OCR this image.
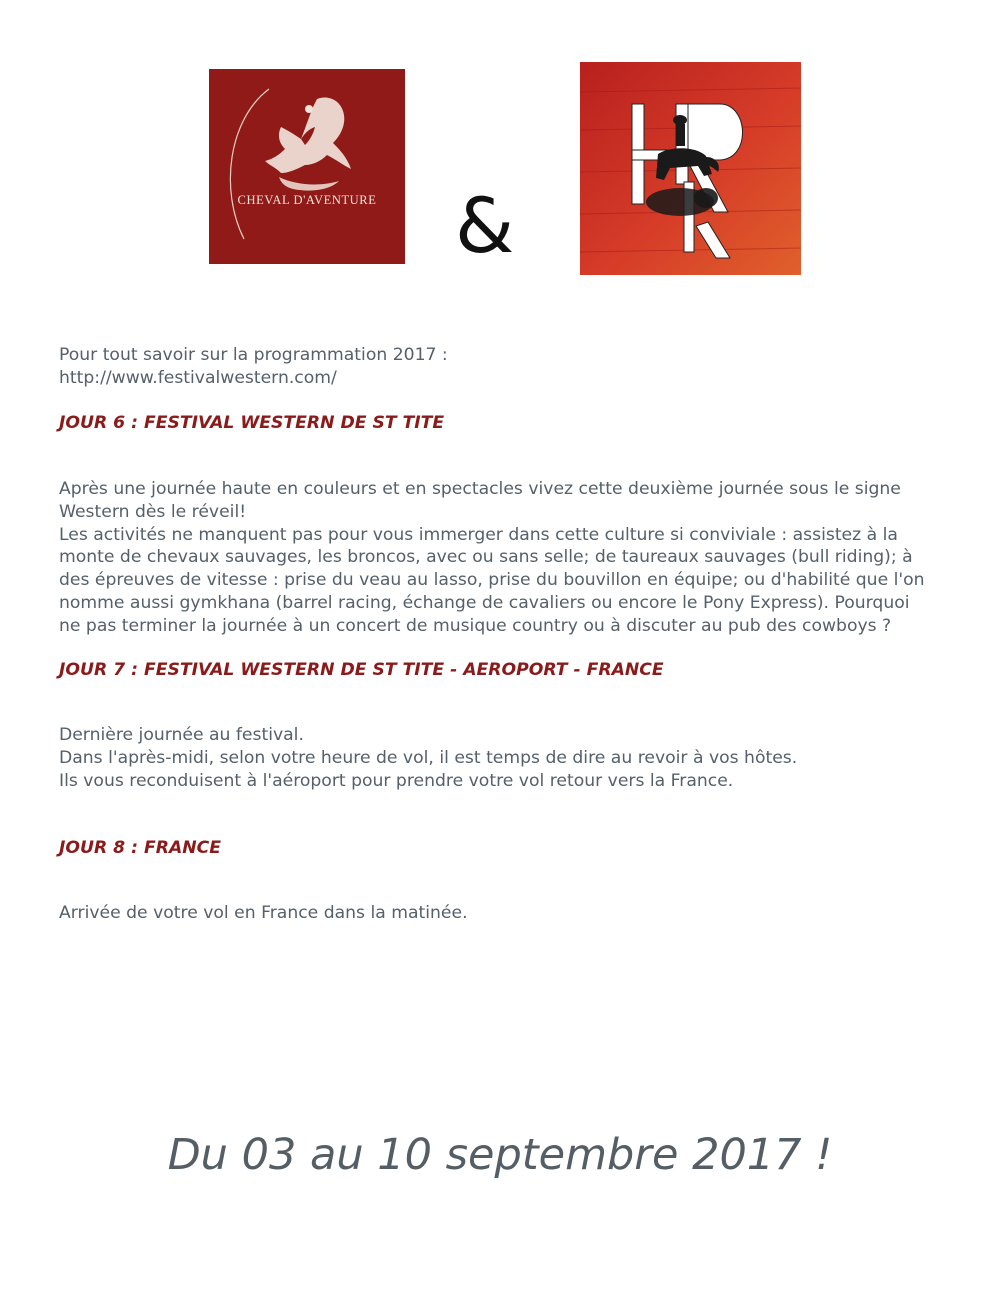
CHEVAL D'AVENTURE	&
Pour tout savoir sur la programmation 2017 :
http://www.festivalwestern.com/
JOUR 6 : FESTIVAL WESTERN DE ST TITE
Après une journée haute en couleurs et en spectacles vivez cette deuxième journée sous le signe
Western dès le réveil!
Les activités ne manquent pas pour vous immerger dans cette culture si conviviale : assistez à la
monte de chevaux sauvages, les broncos, avec ou sans selle; de taureaux sauvages (bull riding); à
des épreuves de vitesse : prise du veau au lasso, prise du bouvillon en équipe; ou d'habilité que l'on
nomme aussi gymkhana (barrel racing, échange de cavaliers ou encore le Pony Express). Pourquoi
ne pas terminer la journée à un concert de musique country ou à discuter au pub des cowboys ?
JOUR 7 : FESTIVAL WESTERN DE ST TITE - AEROPORT - FRANCE
Dernière journée au festival.
Dans l'après-midi, selon votre heure de vol, il est temps de dire au revoir à vos hôtes.
Ils vous reconduisent à l'aéroport pour prendre votre vol retour vers la France.
JOUR 8 : FRANCE
Arrivée de votre vol en France dans la matinée.
Du 03 au 10 septembre 2017 !
